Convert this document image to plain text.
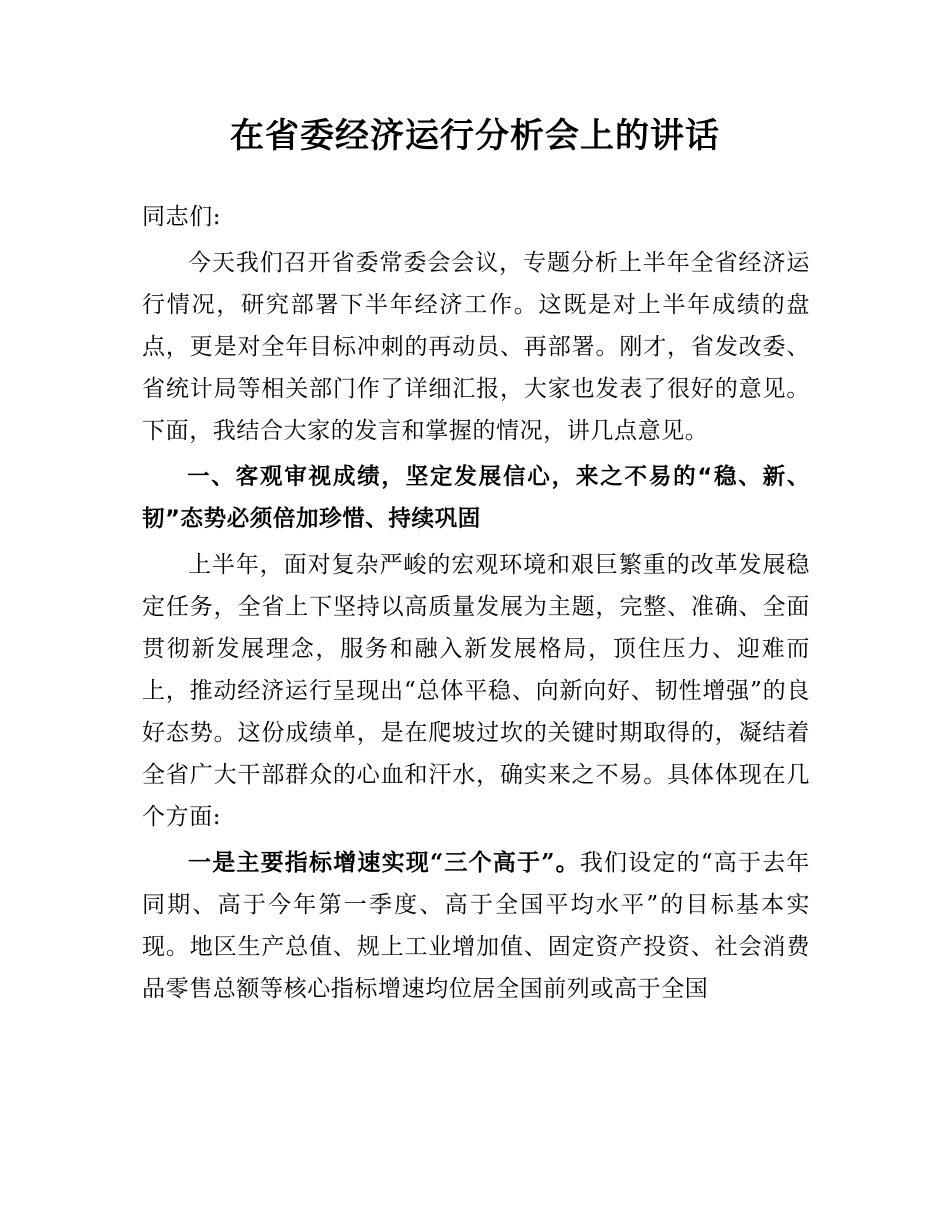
在省委经济运行分析会上的讲话

同志们:

今天我们召开省委常委会会议，专题分析上半年全省经济运行情况，研究部署下半年经济工作。这既是对上半年成绩的盘点，更是对全年目标冲刺的再动员、再部署。刚才，省发改委、省统计局等相关部门作了详细汇报，大家也发表了很好的意见。下面，我结合大家的发言和掌握的情况，讲几点意见。

一、客观审视成绩，坚定发展信心，来之不易的“稳、新、韧”态势必须倍加珍惜、持续巩固

上半年，面对复杂严峻的宏观环境和艰巨繁重的改革发展稳定任务，全省上下坚持以高质量发展为主题，完整、准确、全面贯彻新发展理念，服务和融入新发展格局，顶住压力、迎难而上，推动经济运行呈现出“总体平稳、向新向好、韧性增强”的良好态势。这份成绩单，是在爬坡过坎的关键时期取得的，凝结着全省广大干部群众的心血和汗水，确实来之不易。具体体现在几个方面:

一是主要指标增速实现“三个高于”。我们设定的“高于去年同期、高于今年第一季度、高于全国平均水平”的目标基本实现。地区生产总值、规上工业增加值、固定资产投资、社会消费品零售总额等核心指标增速均位居全国前列或高于全国
